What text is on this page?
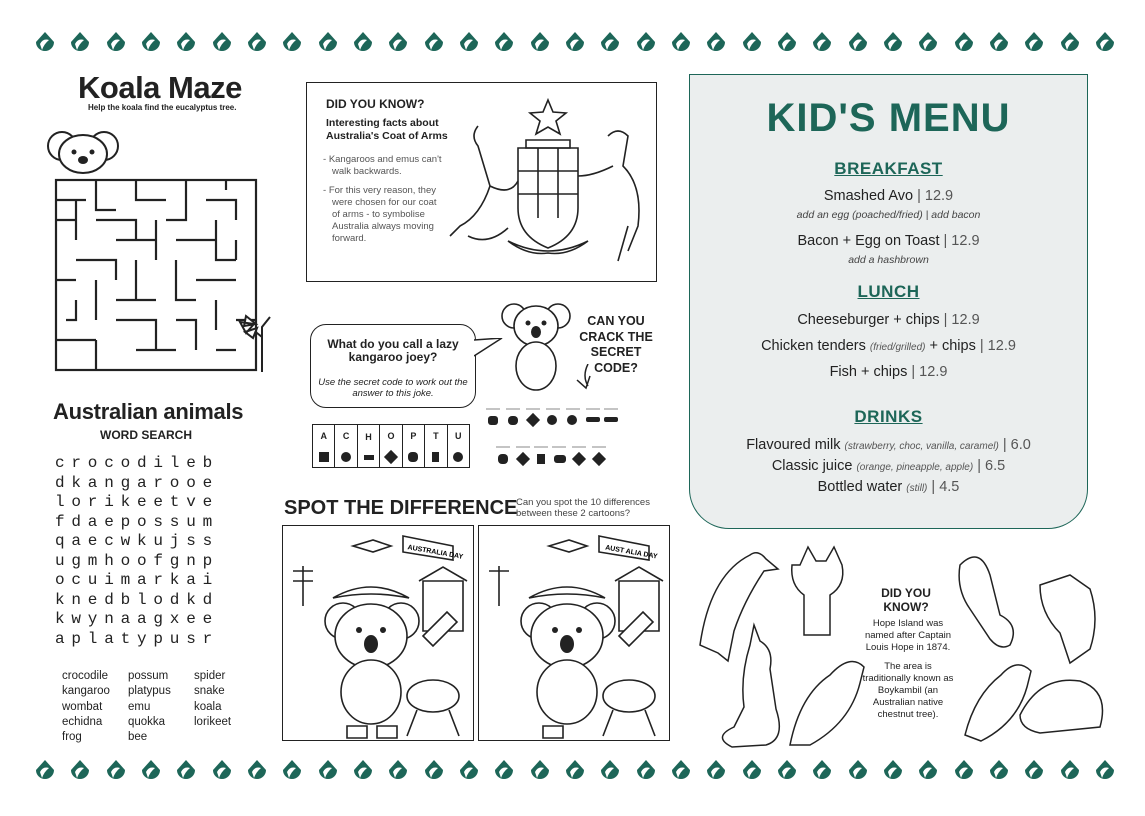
Koala Maze
Help the koala find the eucalyptus tree.	DID YOU KNOW?
Interesting facts about Australia's Coat of Arms

- Kangaroos and emus can't walk backwards.

- For this very reason, they were chosen for our coat of arms - to symbolise Australia always moving forward.

What do you call a lazy kangaroo joey?
Use the secret code to work out the answer to this joke.
CAN YOU CRACK THE SECRET CODE?
A C H O P T U
Australian animals
WORD SEARCH
crocodileb
dkangarooe
lorikeetve
fdaepossum
qaecwkujss
ugmhoofgnp
ocuimarkai
knedblodkd
kwynaagxee
aplatypusr
crocodile
kangaroo
wombat
echidna
frog
possum
platypus
emu
quokka
bee
spider
snake
koala
lorikeet
SPOT THE DIFFERENCE
Can you spot the 10 differences between these 2 cartoons?
AUSTRALIA DAY	AUST ALIA DAY
KID'S MENU
BREAKFAST
Smashed Avo | 12.9
add an egg (poached/fried) | add bacon
Bacon + Egg on Toast | 12.9
add a hashbrown
LUNCH
Cheeseburger + chips | 12.9
Chicken tenders (fried/grilled) + chips | 12.9
Fish + chips | 12.9
DRINKS
Flavoured milk (strawberry, choc, vanilla, caramel) | 6.0
Classic juice (orange, pineapple, apple) | 6.5
Bottled water (still) | 4.5
DID YOU KNOW?

Hope Island was named after Captain Louis Hope in 1874.

The area is traditionally known as Boykambil (an Australian native chestnut tree).
